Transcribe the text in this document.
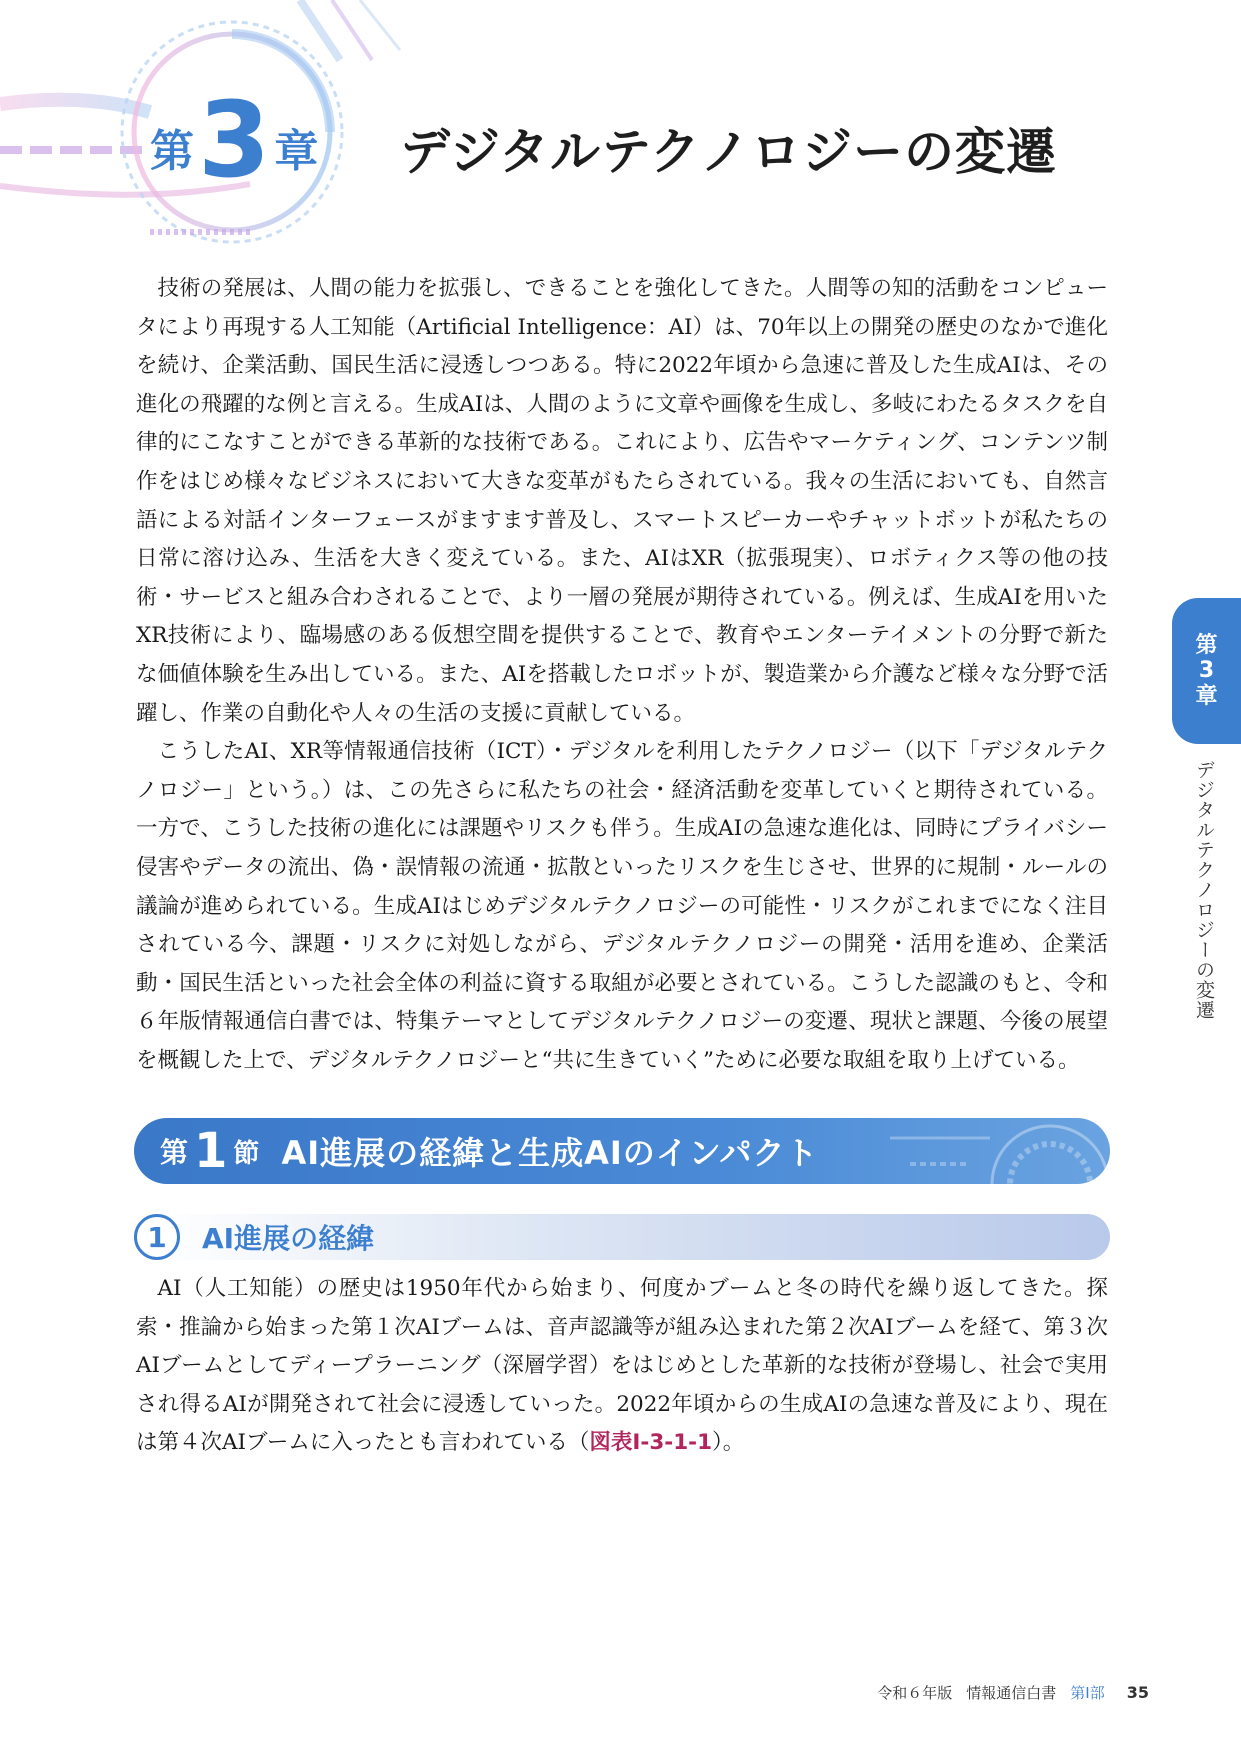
第 3 章 デジタルテクノロジーの変遷

技術の発展は、人間の能力を拡張し、できることを強化してきた。人間等の知的活動をコンピュータにより再現する人工知能（Artificial Intelligence：AI）は、70年以上の開発の歴史のなかで進化を続け、企業活動、国民生活に浸透しつつある。特に2022年頃から急速に普及した生成AIは、その進化の飛躍的な例と言える。生成AIは、人間のように文章や画像を生成し、多岐にわたるタスクを自律的にこなすことができる革新的な技術である。これにより、広告やマーケティング、コンテンツ制作をはじめ様々なビジネスにおいて大きな変革がもたらされている。我々の生活においても、自然言語による対話インターフェースがますます普及し、スマートスピーカーやチャットボットが私たちの日常に溶け込み、生活を大きく変えている。また、AIはXR（拡張現実）、ロボティクス等の他の技術・サービスと組み合わされることで、より一層の発展が期待されている。例えば、生成AIを用いたXR技術により、臨場感のある仮想空間を提供することで、教育やエンターテイメントの分野で新たな価値体験を生み出している。また、AIを搭載したロボットが、製造業から介護など様々な分野で活躍し、作業の自動化や人々の生活の支援に貢献している。

こうしたAI、XR等情報通信技術（ICT）・デジタルを利用したテクノロジー（以下「デジタルテクノロジー」という。）は、この先さらに私たちの社会・経済活動を変革していくと期待されている。一方で、こうした技術の進化には課題やリスクも伴う。生成AIの急速な進化は、同時にプライバシー侵害やデータの流出、偽・誤情報の流通・拡散といったリスクを生じさせ、世界的に規制・ルールの議論が進められている。生成AIはじめデジタルテクノロジーの可能性・リスクがこれまでになく注目されている今、課題・リスクに対処しながら、デジタルテクノロジーの開発・活用を進め、企業活動・国民生活といった社会全体の利益に資する取組が必要とされている。こうした認識のもと、令和６年版情報通信白書では、特集テーマとしてデジタルテクノロジーの変遷、現状と課題、今後の展望を概観した上で、デジタルテクノロジーと“共に生きていく”ために必要な取組を取り上げている。

第 1 節 AI進展の経緯と生成AIのインパクト
1	AI進展の経緯

AI（人工知能）の歴史は1950年代から始まり、何度かブームと冬の時代を繰り返してきた。探索・推論から始まった第１次AIブームは、音声認識等が組み込まれた第２次AIブームを経て、第３次AIブームとしてディープラーニング（深層学習）をはじめとした革新的な技術が登場し、社会で実用され得るAIが開発されて社会に浸透していった。2022年頃からの生成AIの急速な普及により、現在は第４次AIブームに入ったとも言われている（図表Ⅰ-3-1-1）。

第
3
章
デジタルテクノロジーの変遷
令和６年版 情報通信白書 第Ⅰ部 35
